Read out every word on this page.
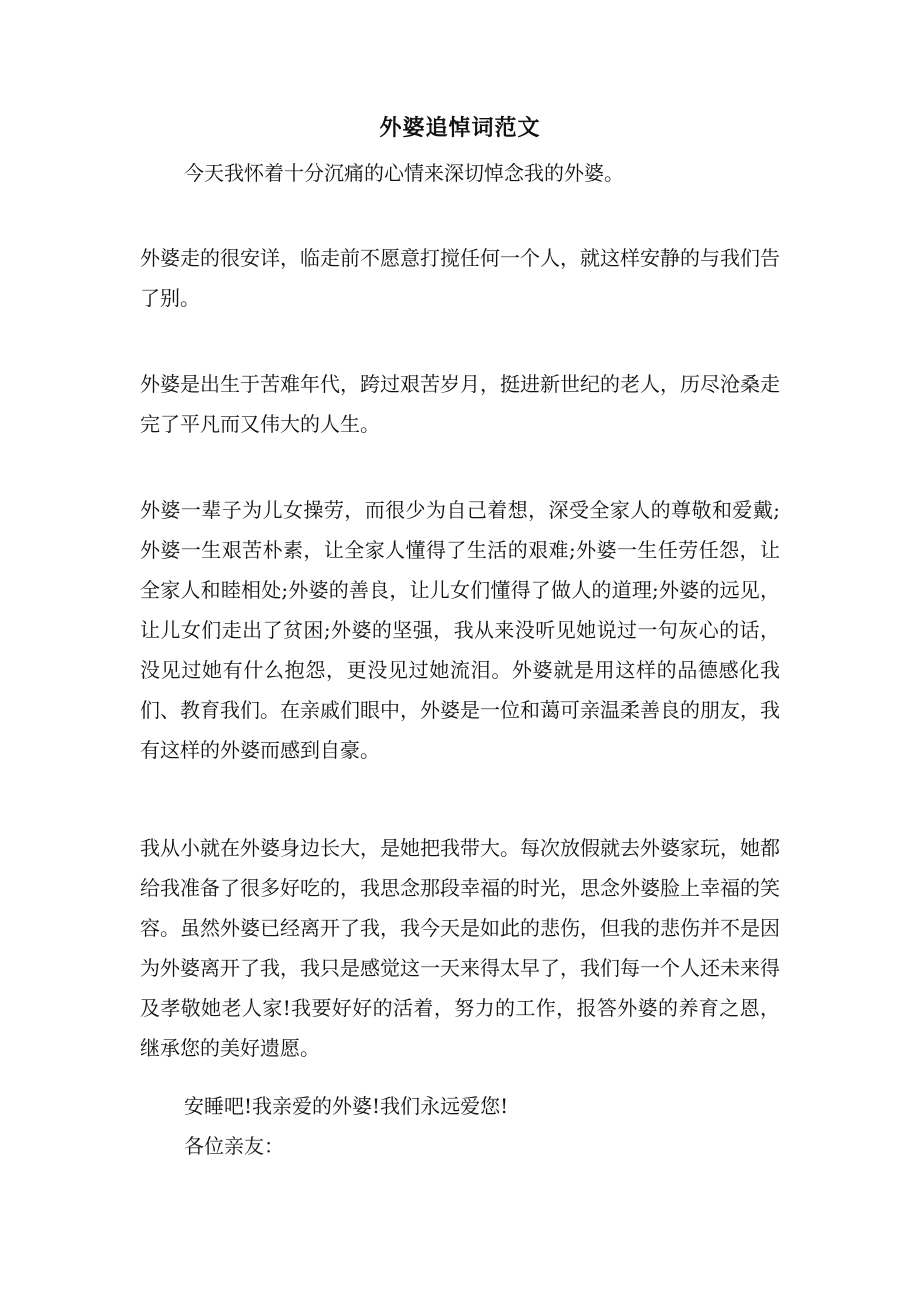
外婆追悼词范文

今天我怀着十分沉痛的心情来深切悼念我的外婆。

外婆走的很安详，临走前不愿意打搅任何一个人，就这样安静的与我们告了别。

外婆是出生于苦难年代，跨过艰苦岁月，挺进新世纪的老人，历尽沧桑走完了平凡而又伟大的人生。

外婆一辈子为儿女操劳，而很少为自己着想，深受全家人的尊敬和爱戴;外婆一生艰苦朴素，让全家人懂得了生活的艰难;外婆一生任劳任怨，让全家人和睦相处;外婆的善良，让儿女们懂得了做人的道理;外婆的远见，让儿女们走出了贫困;外婆的坚强，我从来没听见她说过一句灰心的话，没见过她有什么抱怨，更没见过她流泪。外婆就是用这样的品德感化我们、教育我们。在亲戚们眼中，外婆是一位和蔼可亲温柔善良的朋友，我有这样的外婆而感到自豪。

我从小就在外婆身边长大，是她把我带大。每次放假就去外婆家玩，她都给我准备了很多好吃的，我思念那段幸福的时光，思念外婆脸上幸福的笑容。虽然外婆已经离开了我，我今天是如此的悲伤，但我的悲伤并不是因为外婆离开了我，我只是感觉这一天来得太早了，我们每一个人还未来得及孝敬她老人家!我要好好的活着，努力的工作，报答外婆的养育之恩，继承您的美好遗愿。

安睡吧!我亲爱的外婆!我们永远爱您!

各位亲友：
